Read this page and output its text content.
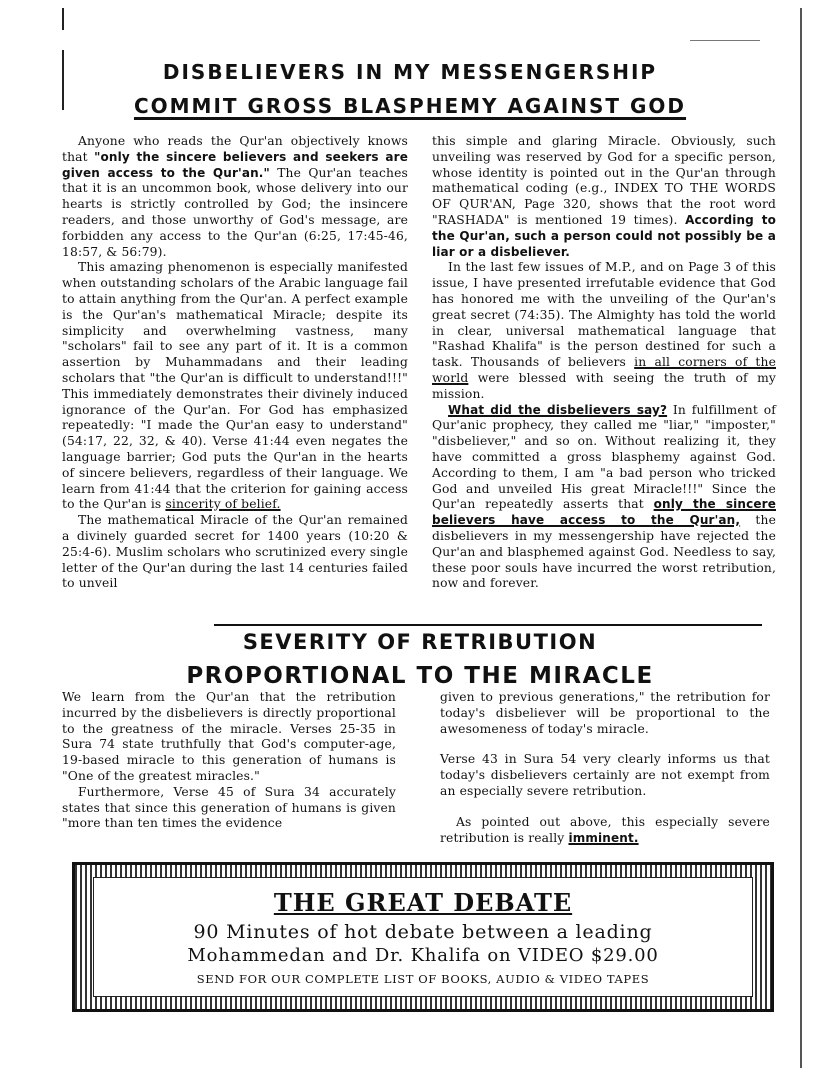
DISBELIEVERS IN MY MESSENGERSHIP
COMMIT GROSS BLASPHEMY AGAINST GOD

Anyone who reads the Qur'an objectively knows that "only the sincere believers and seekers are given access to the Qur'an." The Qur'an teaches that it is an uncommon book, whose delivery into our hearts is strictly controlled by God; the insincere readers, and those unworthy of God's message, are forbidden any access to the Qur'an (6:25, 17:45-46, 18:57, & 56:79).

This amazing phenomenon is especially manifested when outstanding scholars of the Arabic language fail to attain anything from the Qur'an. A perfect example is the Qur'an's mathematical Miracle; despite its simplicity and overwhelming vastness, many "scholars" fail to see any part of it. It is a common assertion by Muhammadans and their leading scholars that "the Qur'an is difficult to understand!!!" This immediately demonstrates their divinely induced ignorance of the Qur'an. For God has emphasized repeatedly: "I made the Qur'an easy to understand" (54:17, 22, 32, & 40). Verse 41:44 even negates the language barrier; God puts the Qur'an in the hearts of sincere believers, regardless of their language. We learn from 41:44 that the criterion for gaining access to the Qur'an is sincerity of belief.

The mathematical Miracle of the Qur'an remained a divinely guarded secret for 1400 years (10:20 & 25:4-6). Muslim scholars who scrutinized every single letter of the Qur'an during the last 14 centuries failed to unveil

this simple and glaring Miracle. Obviously, such unveiling was reserved by God for a specific person, whose identity is pointed out in the Qur'an through mathematical coding (e.g., INDEX TO THE WORDS OF QUR'AN, Page 320, shows that the root word "RASHADA" is mentioned 19 times). According to the Qur'an, such a person could not possibly be a liar or a disbeliever.

In the last few issues of M.P., and on Page 3 of this issue, I have presented irrefutable evidence that God has honored me with the unveiling of the Qur'an's great secret (74:35). The Almighty has told the world in clear, universal mathematical language that "Rashad Khalifa" is the person destined for such a task. Thousands of believers in all corners of the world were blessed with seeing the truth of my mission.

What did the disbelievers say? In fulfillment of Qur'anic prophecy, they called me "liar," "imposter," "disbeliever," and so on. Without realizing it, they have committed a gross blasphemy against God. According to them, I am "a bad person who tricked God and unveiled His great Miracle!!!" Since the Qur'an repeatedly asserts that only the sincere believers have access to the Qur'an, the disbelievers in my messengership have rejected the Qur'an and blasphemed against God. Needless to say, these poor souls have incurred the worst retribution, now and forever.

SEVERITY OF RETRIBUTION
PROPORTIONAL TO THE MIRACLE

We learn from the Qur'an that the retribution incurred by the disbelievers is directly proportional to the greatness of the miracle. Verses 25-35 in Sura 74 state truthfully that God's computer-age, 19-based miracle to this generation of humans is "One of the greatest miracles."

Furthermore, Verse 45 of Sura 34 accurately states that since this generation of humans is given "more than ten times the evidence

given to previous generations," the retribution for today's disbeliever will be proportional to the awesomeness of today's miracle.

Verse 43 in Sura 54 very clearly informs us that today's disbelievers certainly are not exempt from an especially severe retribution.

As pointed out above, this especially severe retribution is really imminent.

THE GREAT DEBATE
90 Minutes of hot debate between a leading
Mohammedan and Dr. Khalifa on VIDEO $29.00
SEND FOR OUR COMPLETE LIST OF BOOKS, AUDIO & VIDEO TAPES
